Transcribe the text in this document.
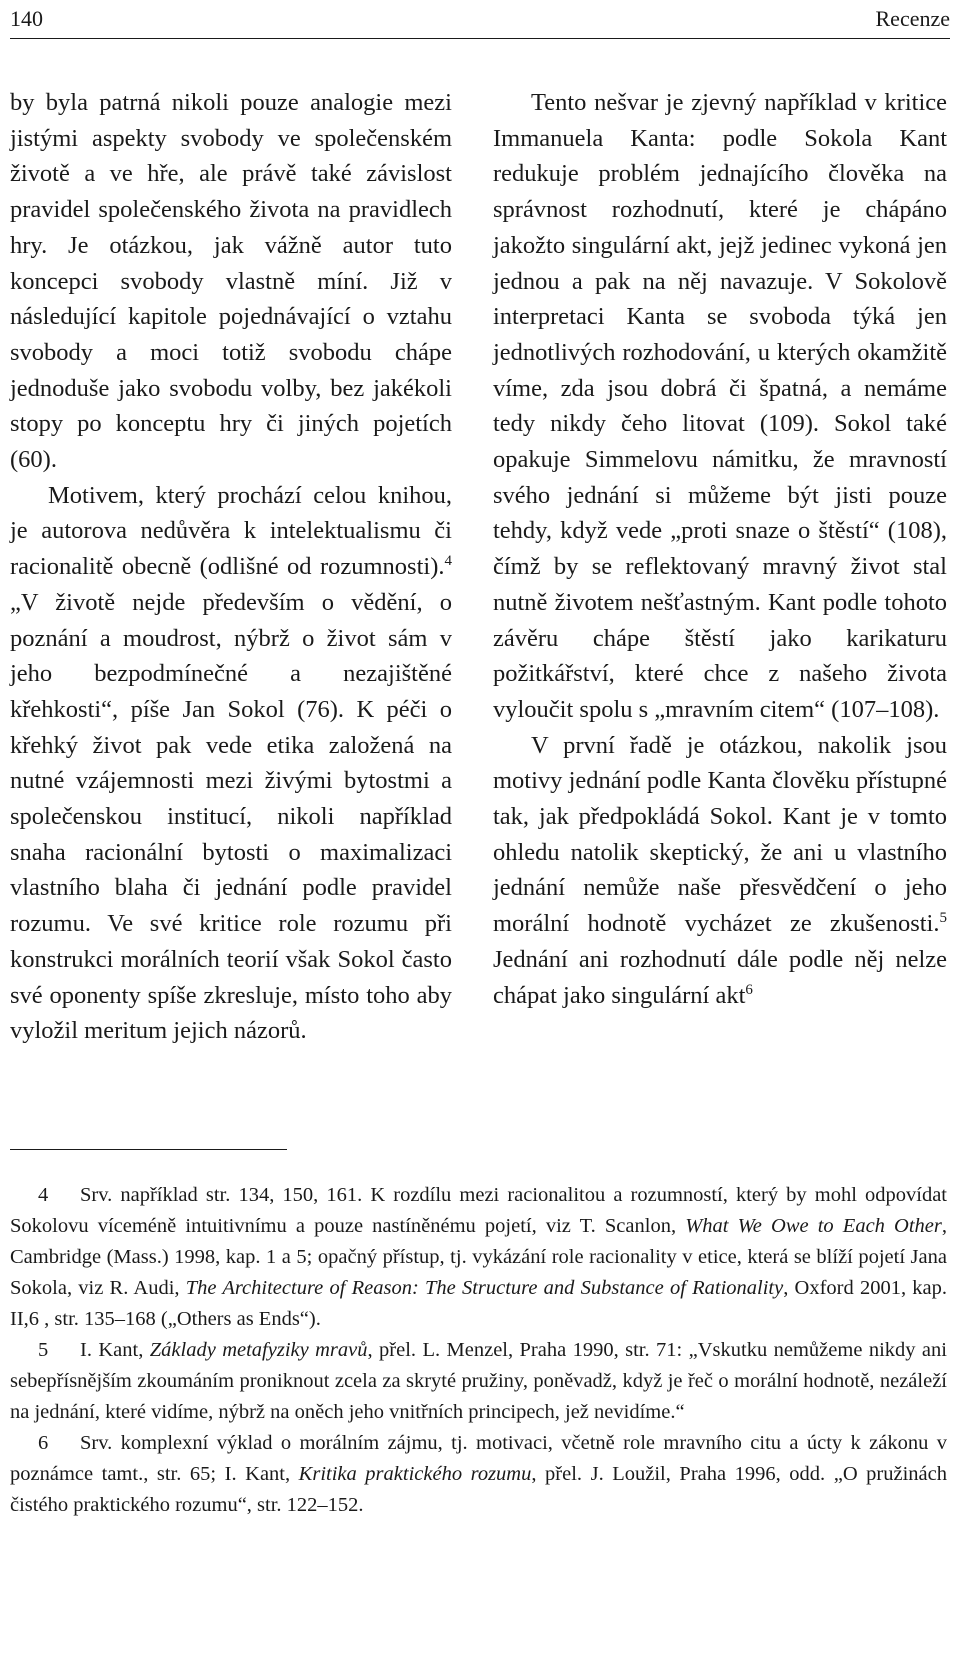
140	Recenze

by byla patrná nikoli pouze analogie mezi jistými aspekty svobody ve společenském životě a ve hře, ale právě také závislost pravidel společenského života na pravidlech hry. Je otázkou, jak vážně autor tuto koncepci svobody vlastně míní. Již v následující kapitole pojednávající o vztahu svobody a moci totiž svobodu chápe jednoduše jako svobodu volby, bez jakékoli stopy po konceptu hry či jiných pojetích (60).

Motivem, který prochází celou knihou, je autorova nedůvěra k intelektualismu či racionalitě obecně (odlišné od rozumnosti).$^4$ „V životě nejde především o vědění, o poznání a moudrost, nýbrž o život sám v jeho bezpodmínečné a nezajištěné křehkosti“, píše Jan Sokol (76). K péči o křehký život pak vede etika založená na nutné vzájemnosti mezi živými bytostmi a společenskou institucí, nikoli například snaha racionální bytosti o maximalizaci vlastního blaha či jednání podle pravidel rozumu. Ve své kritice role rozumu při konstrukci morálních teorií však Sokol často své oponenty spíše zkresluje, místo toho aby vyložil meritum jejich názorů.

Tento nešvar je zjevný například v kritice Immanuela Kanta: podle Sokola Kant redukuje problém jednajícího člověka na správnost rozhodnutí, které je chápáno jakožto singulární akt, jejž jedinec vykoná jen jednou a pak na něj navazuje. V Sokolově interpretaci Kanta se svoboda týká jen jednotlivých rozhodování, u kterých okamžitě víme, zda jsou dobrá či špatná, a nemáme tedy nikdy čeho litovat (109). Sokol také opakuje Simmelovu námitku, že mravností svého jednání si můžeme být jisti pouze tehdy, když vede „proti snaze o štěstí“ (108), čímž by se reflektovaný mravný život stal nutně životem nešťastným. Kant podle tohoto závěru chápe štěstí jako karikaturu požitkářství, které chce z našeho života vyloučit spolu s „mravním citem“ (107–108).

V první řadě je otázkou, nakolik jsou motivy jednání podle Kanta člověku přístupné tak, jak předpokládá Sokol. Kant je v tomto ohledu natolik skeptický, že ani u vlastního jednání nemůže naše přesvědčení o jeho morální hodnotě vycházet ze zkušenosti.$^5$ Jednání ani rozhodnutí dále podle něj nelze chápat jako singulární akt$^6$

4 Srv. například str. 134, 150, 161. K rozdílu mezi racionalitou a rozumností, který by mohl odpovídat Sokolovu víceméně intuitivnímu a pouze nastíněnému pojetí, viz T. Scanlon, What We Owe to Each Other, Cambridge (Mass.) 1998, kap. 1 a 5; opačný přístup, tj. vykázání role racionality v etice, která se blíží pojetí Jana Sokola, viz R. Audi, The Architecture of Reason: The Structure and Substance of Rationality, Oxford 2001, kap. II,6 , str. 135–168 („Others as Ends“).

5 I. Kant, Základy metafyziky mravů, přel. L. Menzel, Praha 1990, str. 71: „Vskutku nemůžeme nikdy ani sebepřísnějším zkoumáním proniknout zcela za skryté pružiny, poněvadž, když je řeč o morální hodnotě, nezáleží na jednání, které vidíme, nýbrž na oněch jeho vnitřních principech, jež nevidíme.“

6 Srv. komplexní výklad o morálním zájmu, tj. motivaci, včetně role mravního citu a úcty k zákonu v poznámce tamt., str. 65; I. Kant, Kritika praktického rozumu, přel. J. Loužil, Praha 1996, odd. „O pružinách čistého praktického rozumu“, str. 122–152.
